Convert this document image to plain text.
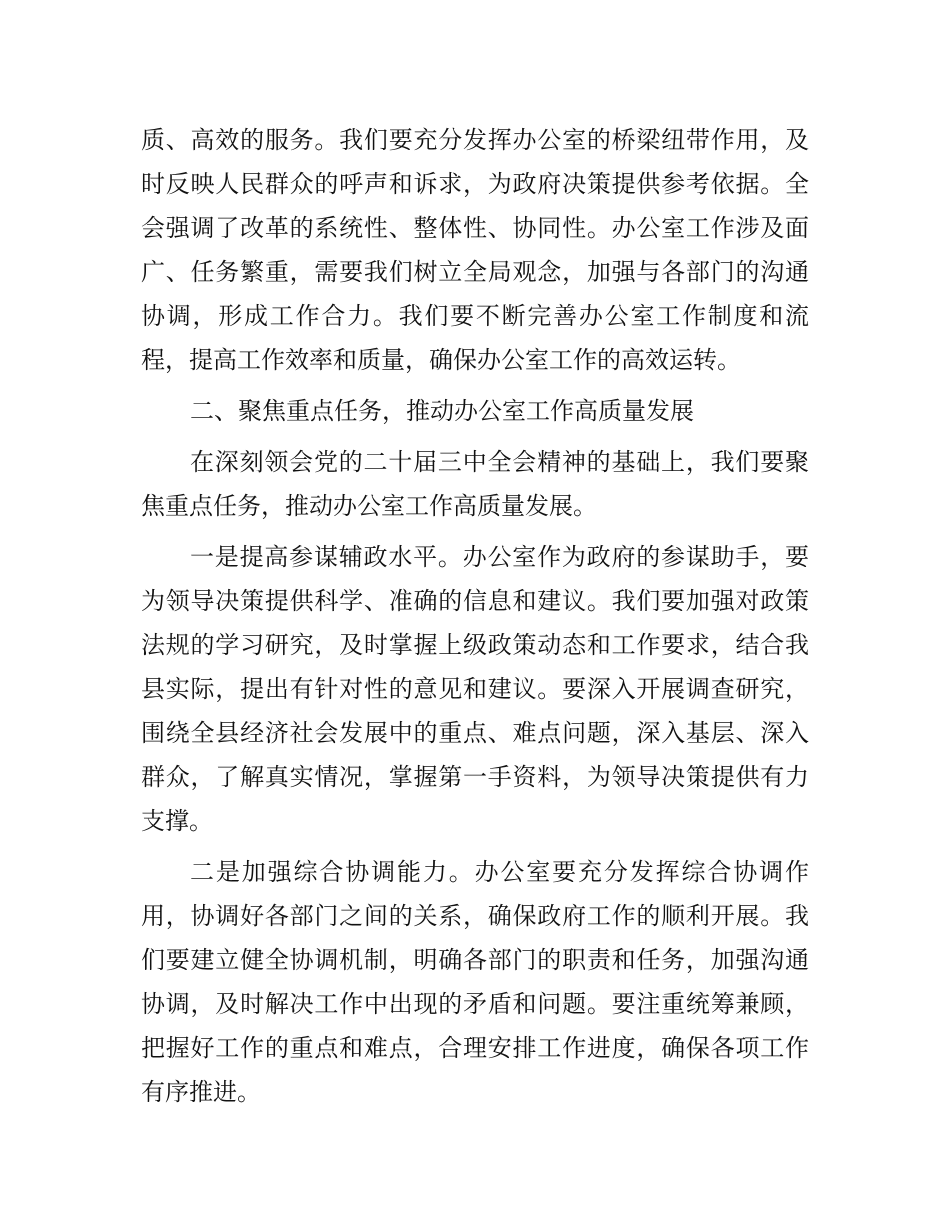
质、高效的服务。我们要充分发挥办公室的桥梁纽带作用，及
时反映人民群众的呼声和诉求，为政府决策提供参考依据。全
会强调了改革的系统性、整体性、协同性。办公室工作涉及面
广、任务繁重，需要我们树立全局观念，加强与各部门的沟通
协调，形成工作合力。我们要不断完善办公室工作制度和流
程，提高工作效率和质量，确保办公室工作的高效运转。
二、聚焦重点任务，推动办公室工作高质量发展
在深刻领会党的二十届三中全会精神的基础上，我们要聚
焦重点任务，推动办公室工作高质量发展。
一是提高参谋辅政水平。办公室作为政府的参谋助手，要
为领导决策提供科学、准确的信息和建议。我们要加强对政策
法规的学习研究，及时掌握上级政策动态和工作要求，结合我
县实际，提出有针对性的意见和建议。要深入开展调查研究，
围绕全县经济社会发展中的重点、难点问题，深入基层、深入
群众，了解真实情况，掌握第一手资料，为领导决策提供有力
支撑。
二是加强综合协调能力。办公室要充分发挥综合协调作
用，协调好各部门之间的关系，确保政府工作的顺利开展。我
们要建立健全协调机制，明确各部门的职责和任务，加强沟通
协调，及时解决工作中出现的矛盾和问题。要注重统筹兼顾，
把握好工作的重点和难点，合理安排工作进度，确保各项工作
有序推进。
